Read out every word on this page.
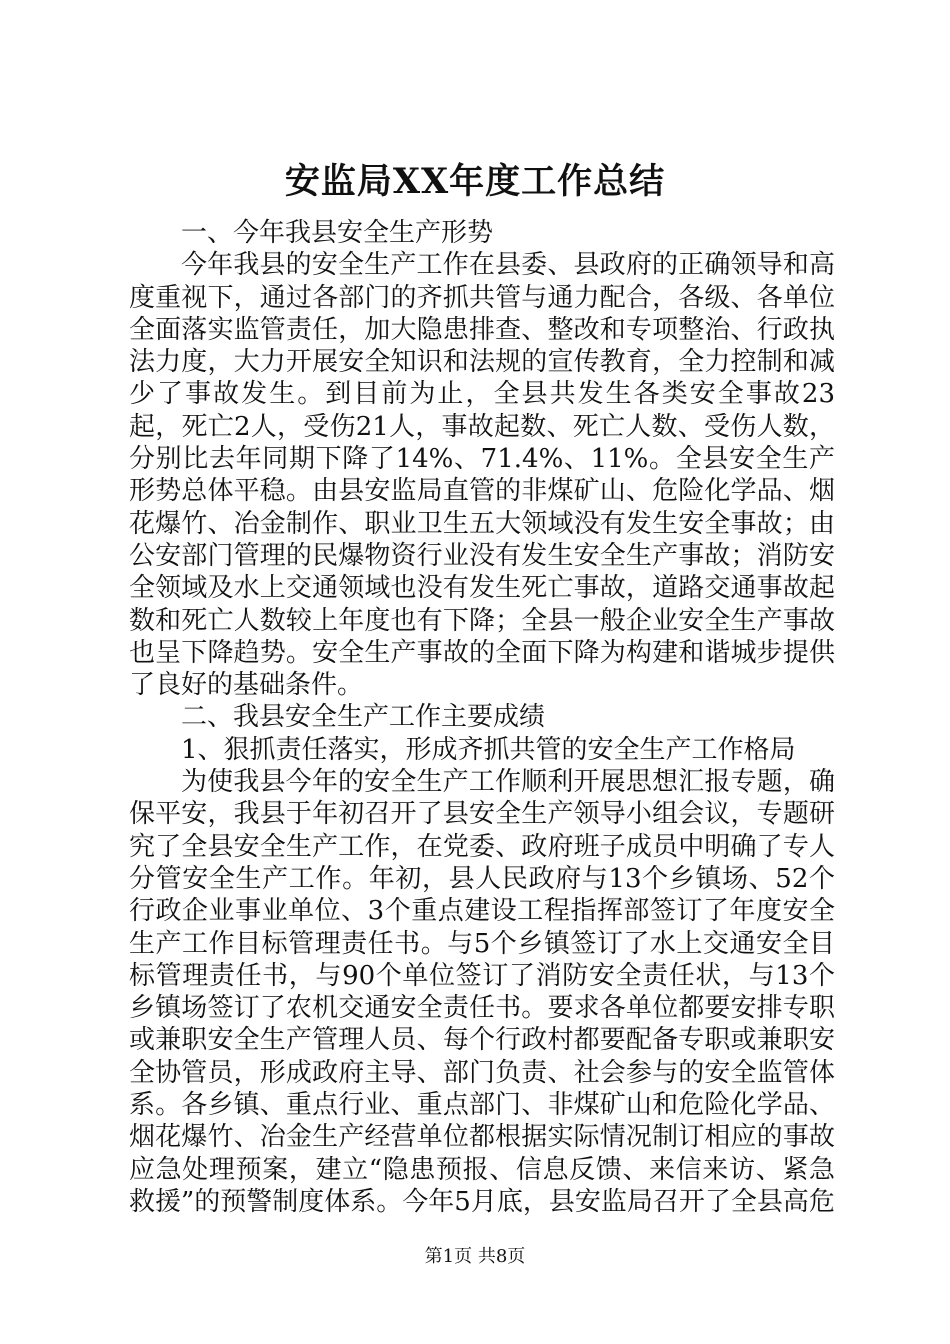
安监局XX年度工作总结

一、今年我县安全生产形势

今年我县的安全生产工作在县委、县政府的正确领导和高度重视下，通过各部门的齐抓共管与通力配合，各级、各单位全面落实监管责任，加大隐患排查、整改和专项整治、行政执法力度，大力开展安全知识和法规的宣传教育，全力控制和减少了事故发生。到目前为止，全县共发生各类安全事故23起，死亡2人，受伤21人，事故起数、死亡人数、受伤人数，分别比去年同期下降了14%、71.4%、11%。全县安全生产形势总体平稳。由县安监局直管的非煤矿山、危险化学品、烟花爆竹、冶金制作、职业卫生五大领域没有发生安全事故；由公安部门管理的民爆物资行业没有发生安全生产事故；消防安全领域及水上交通领域也没有发生死亡事故，道路交通事故起数和死亡人数较上年度也有下降；全县一般企业安全生产事故也呈下降趋势。安全生产事故的全面下降为构建和谐城步提供了良好的基础条件。

二、我县安全生产工作主要成绩

1、狠抓责任落实，形成齐抓共管的安全生产工作格局

为使我县今年的安全生产工作顺利开展思想汇报专题，确保平安，我县于年初召开了县安全生产领导小组会议，专题研究了全县安全生产工作，在党委、政府班子成员中明确了专人分管安全生产工作。年初，县人民政府与13个乡镇场、52个行政企业事业单位、3个重点建设工程指挥部签订了年度安全生产工作目标管理责任书。与5个乡镇签订了水上交通安全目标管理责任书，与90个单位签订了消防安全责任状，与13个乡镇场签订了农机交通安全责任书。要求各单位都要安排专职或兼职安全生产管理人员、每个行政村都要配备专职或兼职安全协管员，形成政府主导、部门负责、社会参与的安全监管体系。各乡镇、重点行业、重点部门、非煤矿山和危险化学品、烟花爆竹、冶金生产经营单位都根据实际情况制订相应的事故应急处理预案，建立“隐患预报、信息反馈、来信来访、紧急救援”的预警制度体系。今年5月底，县安监局召开了全县高危

第1页 共8页
